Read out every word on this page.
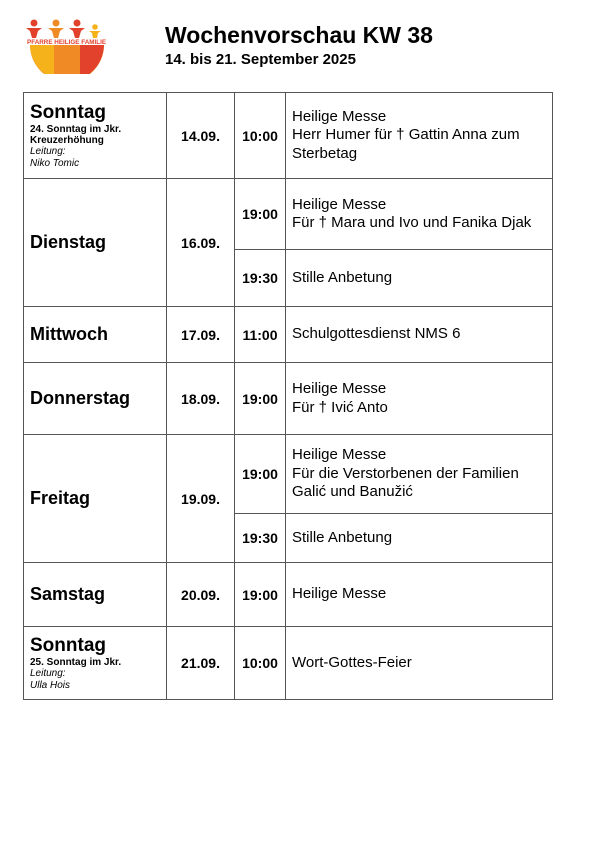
PFARRE HEILIGE FAMILIE	Wochenvorschau KW 38
14. bis 21. September 2025
Sonntag
24. Sonntag im Jkr. Kreuzerhöhung
Leitung:
Niko Tomic	14.09.	10:00	Heilige Messe
Herr Humer für † Gattin Anna zum
Sterbetag

Dienstag	16.09.	19:00	Heilige Messe
Für † Mara und Ivo und Fanika Djak

		19:30	Stille Anbetung

Mittwoch	17.09.	11:00	Schulgottesdienst NMS 6

Donnerstag	18.09.	19:00	Heilige Messe
Für † Ivić Anto

Freitag	19.09.	19:00	Heilige Messe
Für die Verstorbenen der Familien
Galić und Banužić

		19:30	Stille Anbetung

Samstag	20.09.	19:00	Heilige Messe

Sonntag
25. Sonntag im Jkr.
Leitung:
Ulla Hois	21.09.	10:00	Wort-Gottes-Feier
